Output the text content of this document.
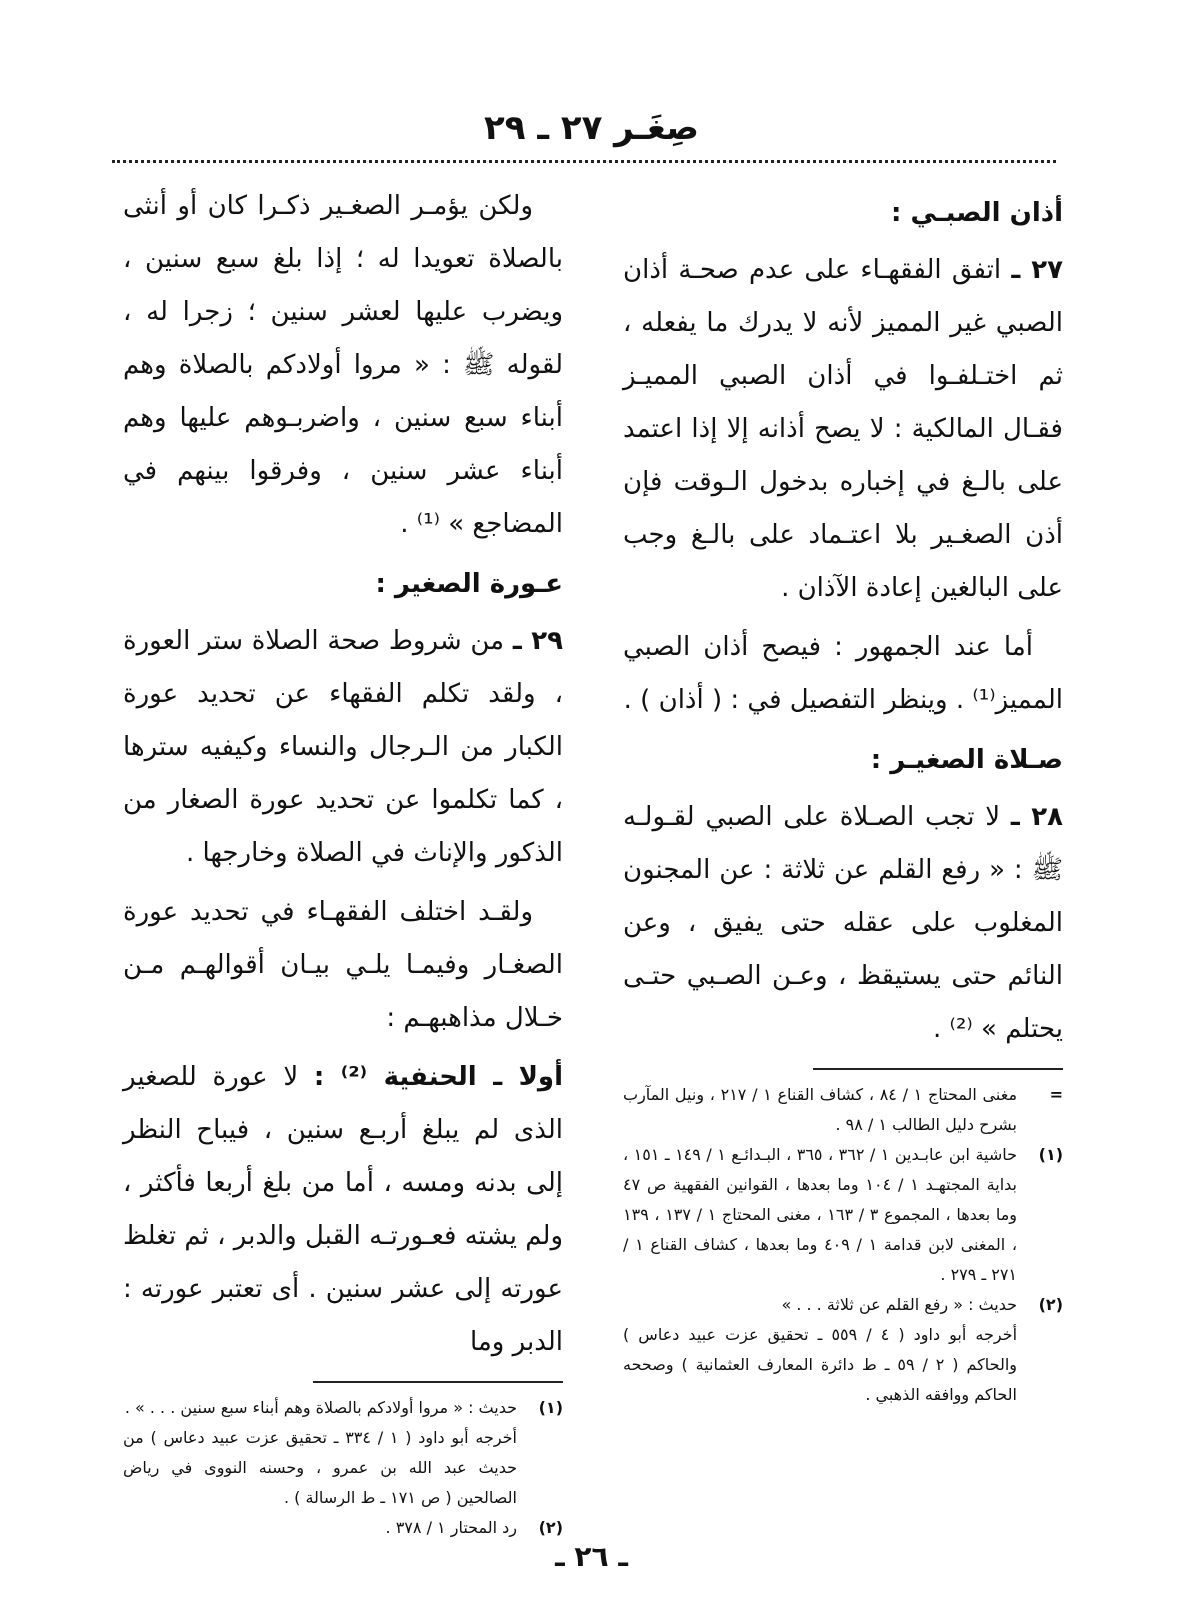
صِغَـر ٢٧ ـ ٢٩
أذان الصبـي :

٢٧ ـ اتفق الفقهـاء على عدم صحـة أذان الصبي غير المميز لأنه لا يدرك ما يفعله ، ثم اختـلفـوا في أذان الصبي المميـز فقـال المالكية : لا يصح أذانه إلا إذا اعتمد على بالـغ في إخباره بدخول الـوقت فإن أذن الصغـير بلا اعتـماد على بالـغ وجب على البالغين إعادة الآذان .

أما عند الجمهور : فيصح أذان الصبي المميز⁽¹⁾ . وينظر التفصيل في : ( أذان ) .

صـلاة الصغيـر :

٢٨ ـ لا تجب الصـلاة على الصبي لقـولـه ﷺ : « رفع القلم عن ثلاثة : عن المجنون المغلوب على عقله حتى يفيق ، وعن النائم حتى يستيقظ ، وعـن الصـبي حتـى يحتلم » ⁽²⁾ .

=مغنى المحتاج ١ / ٨٤ ، كشاف القناع ١ / ٢١٧ ، ونيل المآرب بشرح دليل الطالب ١ / ٩٨ .

(١)حاشية ابن عابـدين ١ / ٣٦٢ ، ٣٦٥ ، البـدائـع ١ / ١٤٩ ـ ١٥١ ، بداية المجتهـد ١ / ١٠٤ وما بعدها ، القوانين الفقهية ص ٤٧ وما بعدها ، المجموع ٣ / ١٦٣ ، مغنى المحتاج ١ / ١٣٧ ، ١٣٩ ، المغنى لابن قدامة ١ / ٤٠٩ وما بعدها ، كشاف القناع ١ / ٢٧١ ـ ٢٧٩ .

(٢)حديث : « رفع القلم عن ثلاثة . . . »

أخرجه أبو داود ( ٤ / ٥٥٩ ـ تحقيق عزت عبيد دعاس ) والحاكم ( ٢ / ٥٩ ـ ط دائرة المعارف العثمانية ) وصححه الحاكم ووافقه الذهبي .

ولكن يؤمـر الصغـير ذكـرا كان أو أنثى بالصلاة تعويدا له ؛ إذا بلغ سبع سنين ، ويضرب عليها لعشر سنين ؛ زجرا له ، لقوله ﷺ : « مروا أولادكم بالصلاة وهم أبناء سبع سنين ، واضربـوهم عليها وهم أبناء عشر سنين ، وفرقوا بينهم في المضاجع » ⁽¹⁾ .

عـورة الصغير :

٢٩ ـ من شروط صحة الصلاة ستر العورة ، ولقد تكلم الفقهاء عن تحديد عورة الكبار من الـرجال والنساء وكيفيه سترها ، كما تكلموا عن تحديد عورة الصغار من الذكور والإناث في الصلاة وخارجها .

ولقـد اختلف الفقهـاء في تحديد عورة الصغـار وفيمـا يلـي بيـان أقوالهـم مـن خـلال مذاهبهـم :

أولا ـ الحنفية ⁽²⁾ : لا عورة للصغير الذى لم يبلغ أربـع سنين ، فيباح النظر إلى بدنه ومسه ، أما من بلغ أربعا فأكثر ، ولم يشته فعـورتـه القبل والدبر ، ثم تغلظ عورته إلى عشر سنين . أى تعتبر عورته : الدبر وما

(١)حديث : « مروا أولادكم بالصلاة وهم أبناء سبع سنين . . . » .

أخرجه أبو داود ( ١ / ٣٣٤ ـ تحقيق عزت عبيد دعاس ) من حديث عبد الله بن عمرو ، وحسنه النووى في رياض الصالحين ( ص ١٧١ ـ ط الرسالة ) .

(٢)رد المحتار ١ / ٣٧٨ .

ـ ٢٦ ـ
